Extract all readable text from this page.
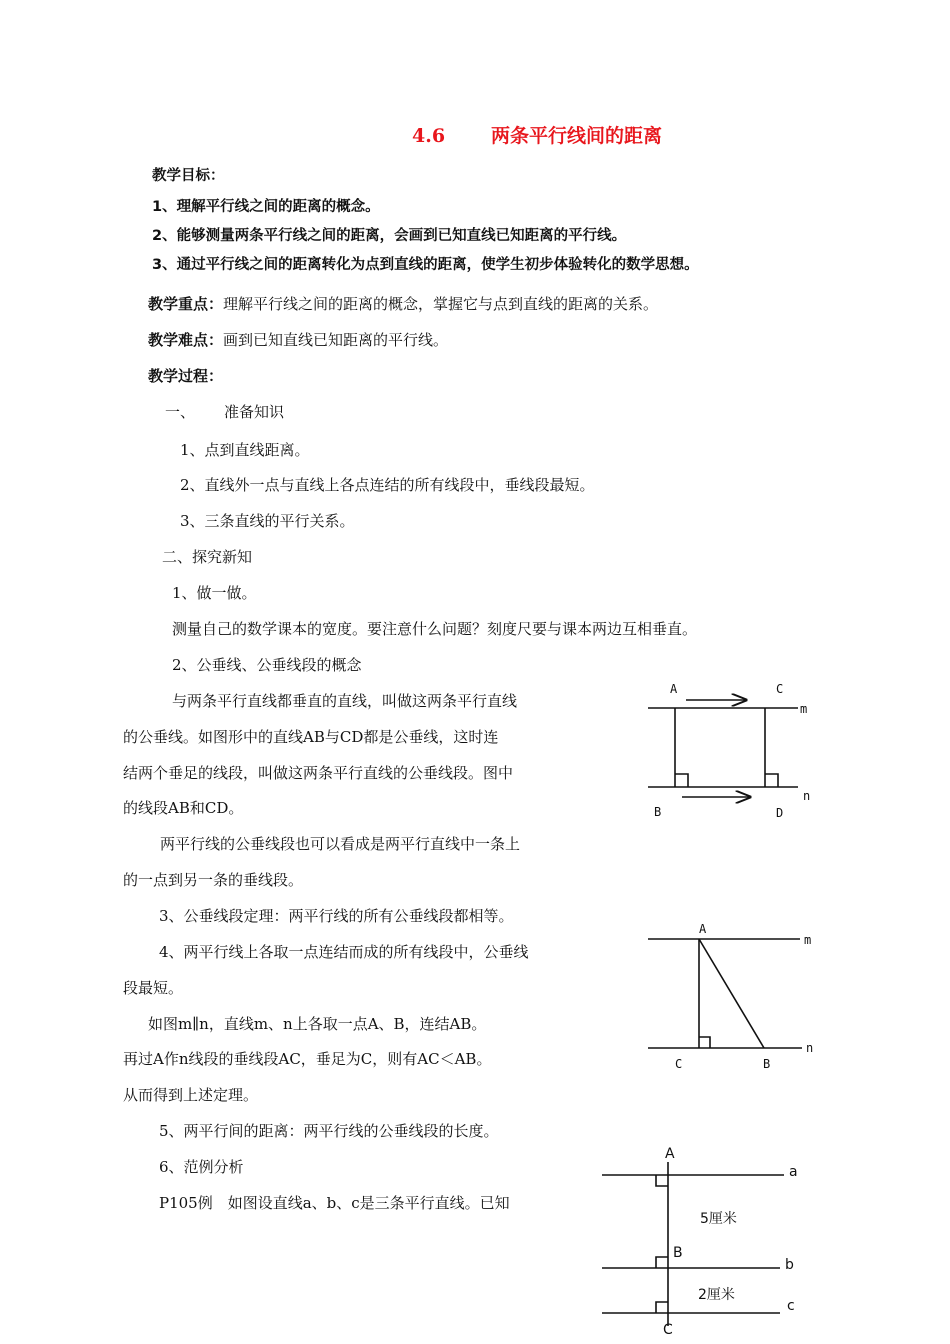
4.6 两条平行线间的距离
教学目标：
1、理解平行线之间的距离的概念。
2、能够测量两条平行线之间的距离，会画到已知直线已知距离的平行线。
3、通过平行线之间的距离转化为点到直线的距离，使学生初步体验转化的数学思想。
教学重点：理解平行线之间的距离的概念，掌握它与点到直线的距离的关系。
教学难点：画到已知直线已知距离的平行线。
教学过程：
一、 准备知识
1、点到直线距离。
2、直线外一点与直线上各点连结的所有线段中，垂线段最短。
3、三条直线的平行关系。
二、探究新知
1、做一做。
测量自己的数学课本的宽度。要注意什么问题？刻度尺要与课本两边互相垂直。
2、公垂线、公垂线段的概念
与两条平行直线都垂直的直线，叫做这两条平行直线
的公垂线。如图形中的直线AB与CD都是公垂线，这时连
结两个垂足的线段，叫做这两条平行直线的公垂线段。图中
的线段AB和CD。
两平行线的公垂线段也可以看成是两平行直线中一条上
的一点到另一条的垂线段。
3、公垂线段定理：两平行线的所有公垂线段都相等。
4、两平行线上各取一点连结而成的所有线段中，公垂线
段最短。
如图m∥n，直线m、n上各取一点A、B，连结AB。
再过A作n线段的垂线段AC，垂足为C，则有AC＜AB。
从而得到上述定理。
5、两平行间的距离：两平行线的公垂线段的长度。
6、范例分析
P105例　如图设直线a、b、c是三条平行直线。已知
A	C
m
n
B	D
A
m
n
C	B
A
a
5厘米
B
b
2厘米
c
C
